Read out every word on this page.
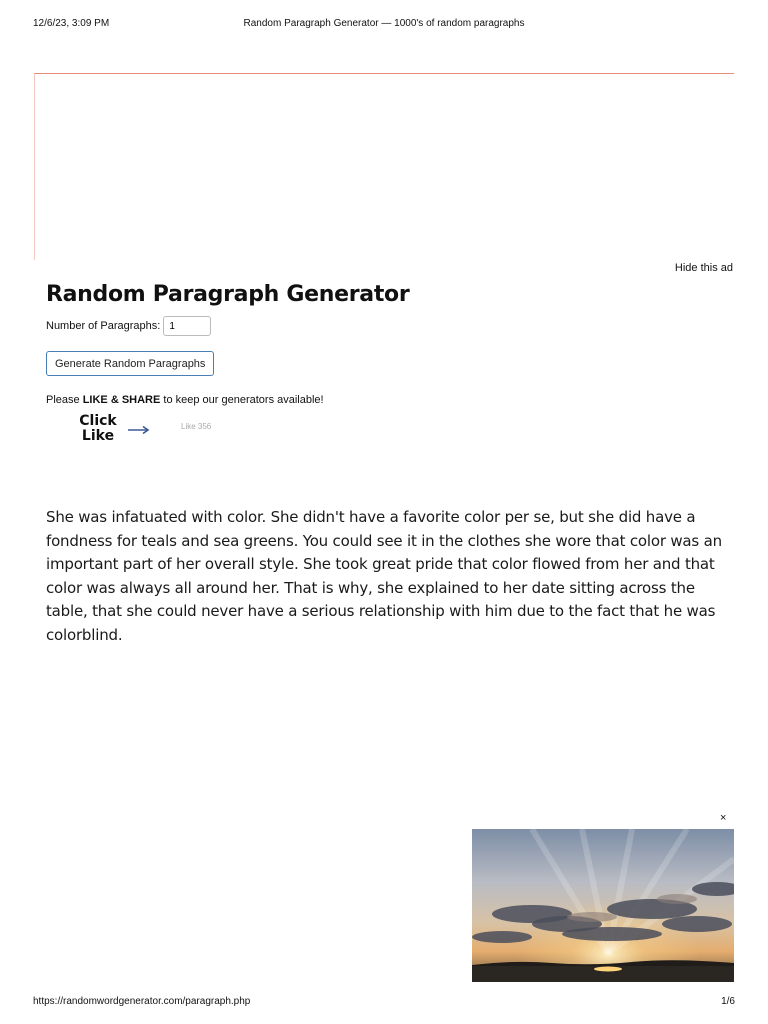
12/6/23, 3:09 PM	Random Paragraph Generator — 1000's of random paragraphs
Hide this ad
Random Paragraph Generator
Number of Paragraphs:
1
Generate Random Paragraphs
Please LIKE & SHARE to keep our generators available!
Click
Like
Like 356
She was infatuated with color. She didn't have a favorite color per se, but she did have a fondness for teals and sea greens. You could see it in the clothes she wore that color was an important part of her overall style. She took great pride that color flowed from her and that color was always all around her. That is why, she explained to her date sitting across the table, that she could never have a serious relationship with him due to the fact that he was colorblind.
×
https://randomwordgenerator.com/paragraph.php	1/6
